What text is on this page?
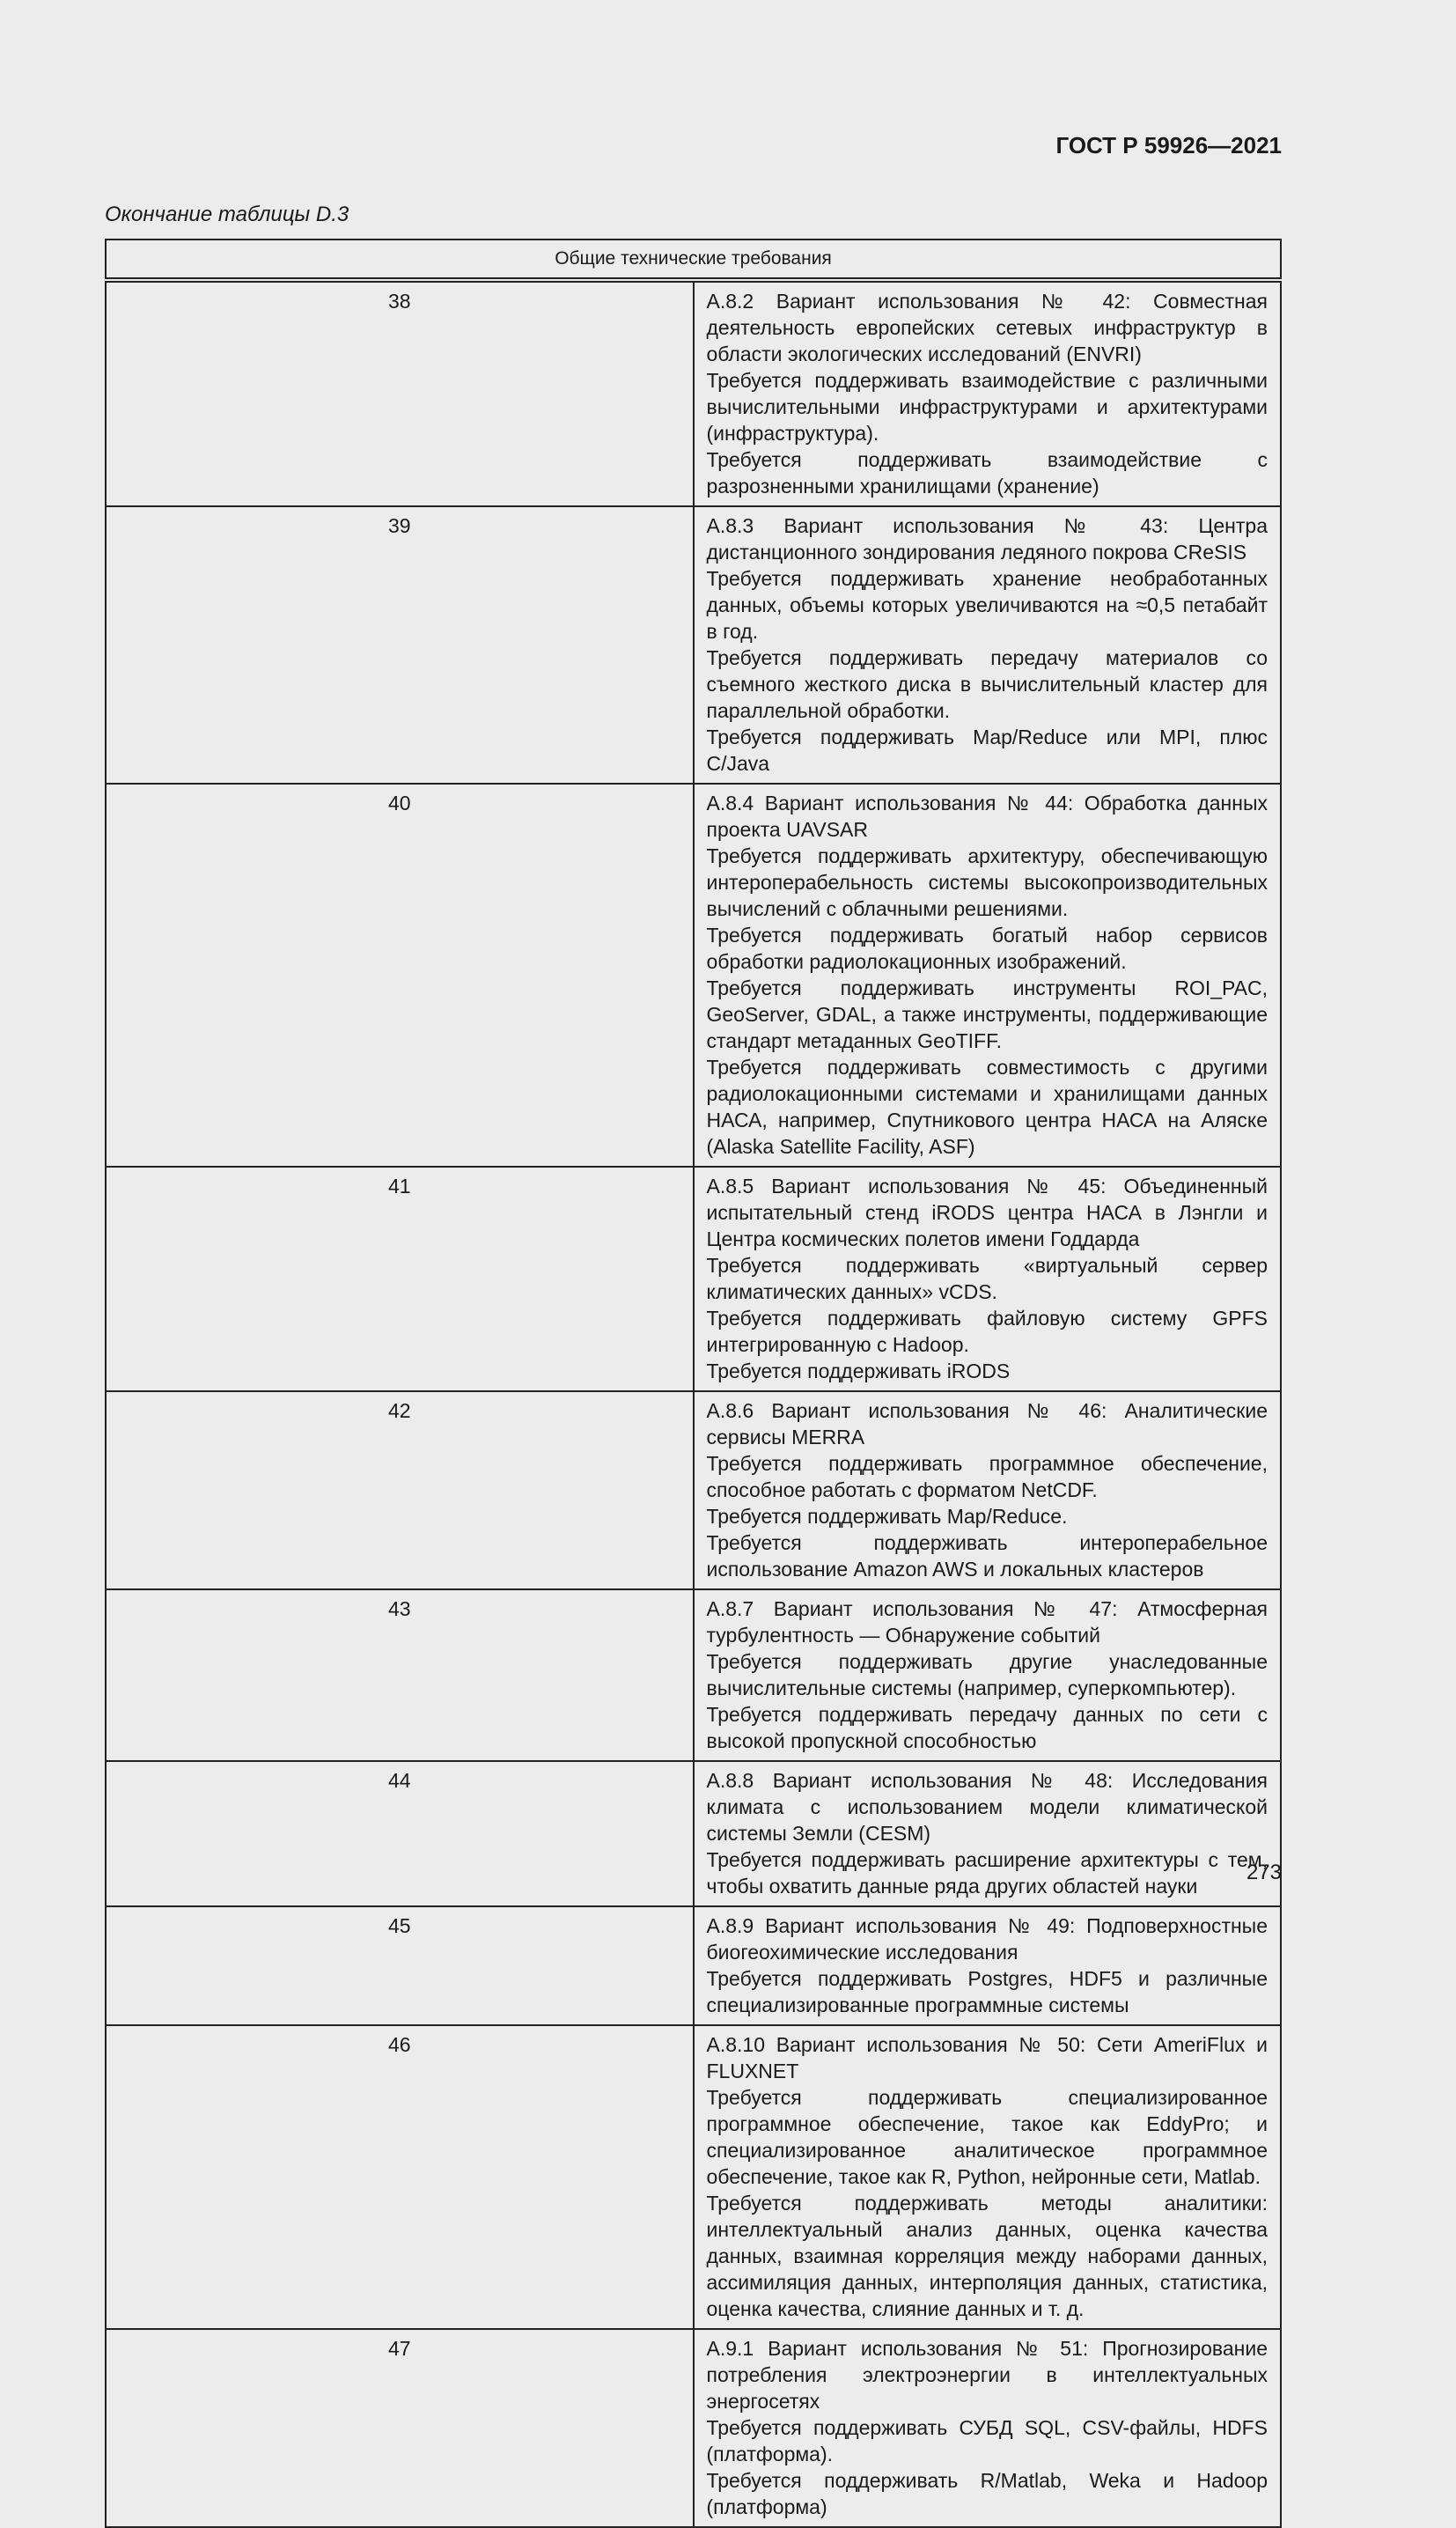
ГОСТ Р 59926—2021
Окончание таблицы D.3
Общие технические требования	
38	А.8.2 Вариант использования № 42: Совместная деятельность европейских сетевых инфраструктур в области экологических исследований (ENVRI)
Требуется поддерживать взаимодействие с различными вычислительными инфраструктурами и архитектурами (инфраструктура).
Требуется поддерживать взаимодействие с разрозненными хранилищами (хранение)

39	А.8.3 Вариант использования № 43: Центра дистанционного зондирования ледяного покрова CReSIS
Требуется поддерживать хранение необработанных данных, объемы которых увеличиваются на ≈0,5 петабайт в год.
Требуется поддерживать передачу материалов со съемного жесткого диска в вычислительный кластер для параллельной обработки.
Требуется поддерживать Map/Reduce или MPI, плюс C/Java

40	А.8.4 Вариант использования № 44: Обработка данных проекта UAVSAR
Требуется поддерживать архитектуру, обеспечивающую интероперабельность системы высокопроизводительных вычислений с облачными решениями.
Требуется поддерживать богатый набор сервисов обработки радиолокационных изображений.
Требуется поддерживать инструменты ROI_PAC, GeoServer, GDAL, а также инструменты, поддерживающие стандарт метаданных GeoTIFF.
Требуется поддерживать совместимость с другими радиолокационными системами и хранилищами данных НАСА, например, Спутникового центра НАСА на Аляске (Alaska Satellite Facility, ASF)

41	А.8.5 Вариант использования № 45: Объединенный испытательный стенд iRODS центра НАСА в Лэнгли и Центра космических полетов имени Годдарда
Требуется поддерживать «виртуальный сервер климатических данных» vCDS.
Требуется поддерживать файловую систему GPFS интегрированную с Hadoop.
Требуется поддерживать iRODS

42	А.8.6 Вариант использования № 46: Аналитические сервисы MERRA
Требуется поддерживать программное обеспечение, способное работать с форматом NetCDF.
Требуется поддерживать Map/Reduce.
Требуется поддерживать интероперабельное использование Amazon AWS и локальных кластеров

43	А.8.7 Вариант использования № 47: Атмосферная турбулентность — Обнаружение событий
Требуется поддерживать другие унаследованные вычислительные системы (например, суперкомпьютер).
Требуется поддерживать передачу данных по сети с высокой пропускной способностью

44	А.8.8 Вариант использования № 48: Исследования климата с использованием модели климатической системы Земли (CESM)
Требуется поддерживать расширение архитектуры с тем, чтобы охватить данные ряда других областей науки

45	А.8.9 Вариант использования № 49: Подповерхностные биогеохимические исследования
Требуется поддерживать Postgres, HDF5 и различные специализированные программные системы

46	А.8.10 Вариант использования № 50: Сети AmeriFlux и FLUXNET
Требуется поддерживать специализированное программное обеспечение, такое как EddyPro; и специализированное аналитическое программное обеспечение, такое как R, Python, нейронные сети, Matlab.
Требуется поддерживать методы аналитики: интеллектуальный анализ данных, оценка качества данных, взаимная корреляция между наборами данных, ассимиляция данных, интерполяция данных, статистика, оценка качества, слияние данных и т. д.

47	А.9.1 Вариант использования № 51: Прогнозирование потребления электроэнергии в интеллектуальных энергосетях
Требуется поддерживать СУБД SQL, CSV-файлы, HDFS (платформа).
Требуется поддерживать R/Matlab, Weka и Hadoop (платформа)
273
